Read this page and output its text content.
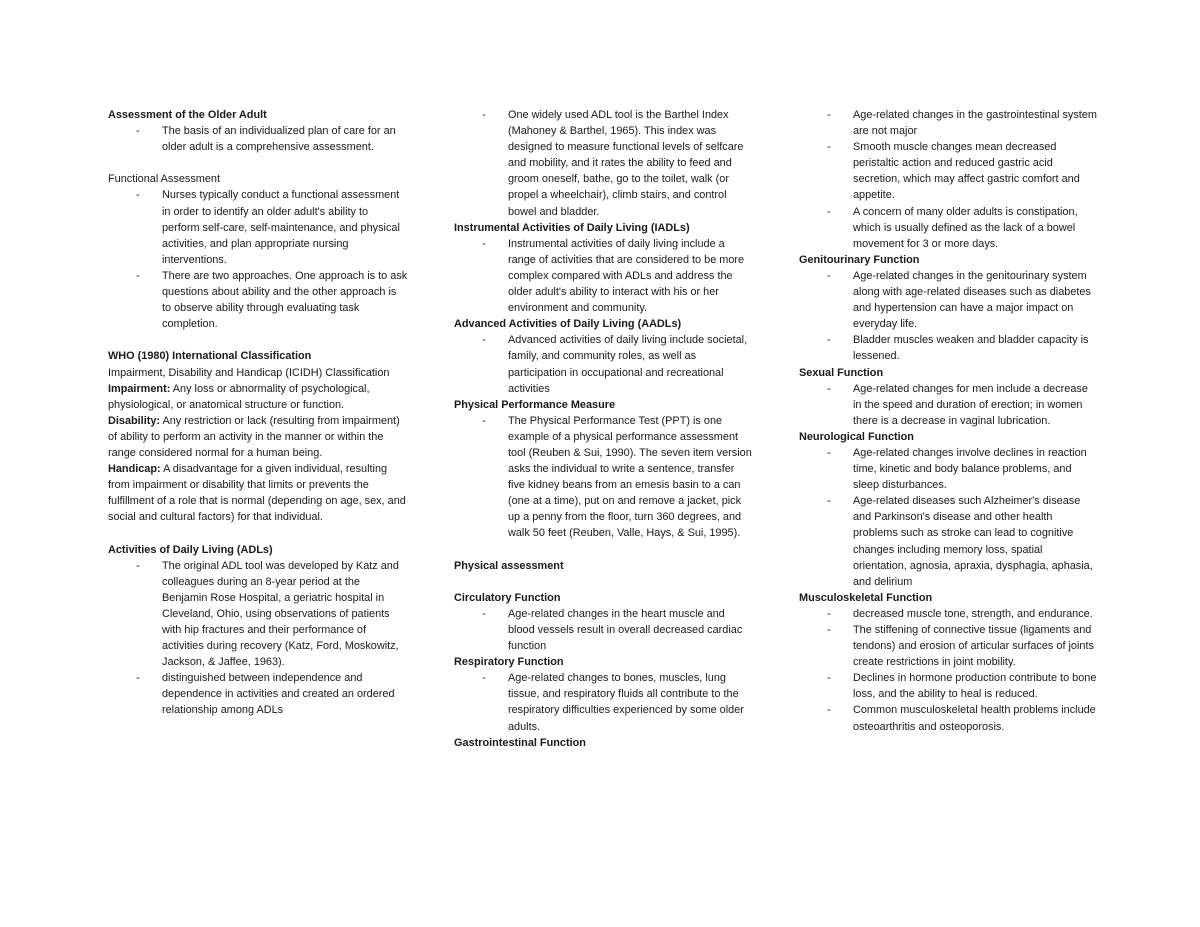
Assessment of the Older Adult
- The basis of an individualized plan of care for an older adult is a comprehensive assessment.
Functional Assessment
- Nurses typically conduct a functional assessment in order to identify an older adult's ability to perform self-care, self-maintenance, and physical activities, and plan appropriate nursing interventions.
- There are two approaches. One approach is to ask questions about ability and the other approach is to observe ability through evaluating task completion.
WHO (1980) International Classification
Impairment, Disability and Handicap (ICIDH) Classification
Impairment: Any loss or abnormality of psychological, physiological, or anatomical structure or function.
Disability: Any restriction or lack (resulting from impairment) of ability to perform an activity in the manner or within the range considered normal for a human being.
Handicap: A disadvantage for a given individual, resulting from impairment or disability that limits or prevents the fulfillment of a role that is normal (depending on age, sex, and social and cultural factors) for that individual.
Activities of Daily Living (ADLs)
- The original ADL tool was developed by Katz and colleagues during an 8-year period at the Benjamin Rose Hospital, a geriatric hospital in Cleveland, Ohio, using observations of patients with hip fractures and their performance of activities during recovery (Katz, Ford, Moskowitz, Jackson, & Jaffee, 1963).
- distinguished between independence and dependence in activities and created an ordered relationship among ADLs
- One widely used ADL tool is the Barthel Index (Mahoney & Barthel, 1965). This index was designed to measure functional levels of selfcare and mobility, and it rates the ability to feed and groom oneself, bathe, go to the toilet, walk (or propel a wheelchair), climb stairs, and control bowel and bladder.
Instrumental Activities of Daily Living (IADLs)
- Instrumental activities of daily living include a range of activities that are considered to be more complex compared with ADLs and address the older adult's ability to interact with his or her environment and community.
Advanced Activities of Daily Living (AADLs)
- Advanced activities of daily living include societal, family, and community roles, as well as participation in occupational and recreational activities
Physical Performance Measure
- The Physical Performance Test (PPT) is one example of a physical performance assessment tool (Reuben & Sui, 1990). The seven item version asks the individual to write a sentence, transfer five kidney beans from an emesis basin to a can (one at a time), put on and remove a jacket, pick up a penny from the floor, turn 360 degrees, and walk 50 feet (Reuben, Valle, Hays, & Sui, 1995).
Physical assessment
Circulatory Function
- Age-related changes in the heart muscle and blood vessels result in overall decreased cardiac function
Respiratory Function
- Age-related changes to bones, muscles, lung tissue, and respiratory fluids all contribute to the respiratory difficulties experienced by some older adults.
Gastrointestinal Function
- Age-related changes in the gastrointestinal system are not major
- Smooth muscle changes mean decreased peristaltic action and reduced gastric acid secretion, which may affect gastric comfort and appetite.
- A concern of many older adults is constipation, which is usually defined as the lack of a bowel movement for 3 or more days.
Genitourinary Function
- Age-related changes in the genitourinary system along with age-related diseases such as diabetes and hypertension can have a major impact on everyday life.
- Bladder muscles weaken and bladder capacity is lessened.
Sexual Function
- Age-related changes for men include a decrease in the speed and duration of erection; in women there is a decrease in vaginal lubrication.
Neurological Function
- Age-related changes involve declines in reaction time, kinetic and body balance problems, and sleep disturbances.
- Age-related diseases such Alzheimer's disease and Parkinson's disease and other health problems such as stroke can lead to cognitive changes including memory loss, spatial orientation, agnosia, apraxia, dysphagia, aphasia, and delirium
Musculoskeletal Function
- decreased muscle tone, strength, and endurance.
- The stiffening of connective tissue (ligaments and tendons) and erosion of articular surfaces of joints create restrictions in joint mobility.
- Declines in hormone production contribute to bone loss, and the ability to heal is reduced.
- Common musculoskeletal health problems include osteoarthritis and osteoporosis.
